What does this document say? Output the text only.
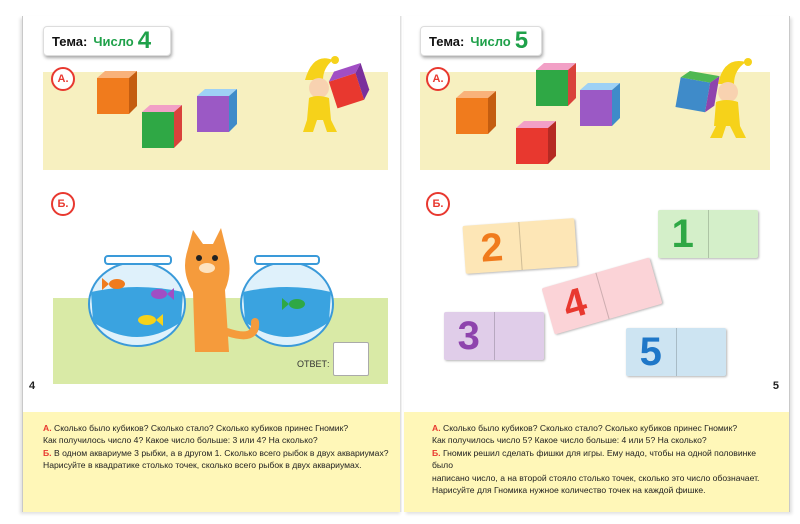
Тема: Число 4
А.
Б.
ОТВЕТ:
4

А. Сколько было кубиков? Сколько стало? Сколько кубиков принес Гномик?

Как получилось число 4? Какое число больше: 3 или 4? На сколько?

Б. В одном аквариуме 3 рыбки, а в другом 1. Сколько всего рыбок в двух аквариумах?

Нарисуйте в квадратике столько точек, сколько всего рыбок в двух аквариумах.

Тема: Число 5
А.
Б.
2	1
4
3	5
5

А. Сколько было кубиков? Сколько стало? Сколько кубиков принес Гномик?

Как получилось число 5? Какое число больше: 4 или 5? На сколько?

Б. Гномик решил сделать фишки для игры. Ему надо, чтобы на одной половинке было

написано число, а на второй стояло столько точек, сколько это число обозначает.

Нарисуйте для Гномика нужное количество точек на каждой фишке.
